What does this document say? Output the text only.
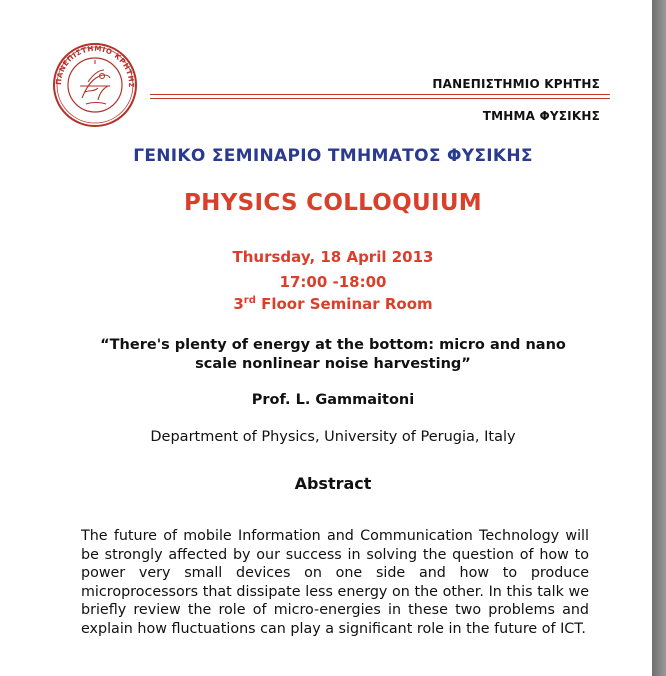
ΠΑΝΕΠΙΣΤΗΜΙΟ ΚΡΗΤΗΣ	ΠΑΝΕΠΙΣΤΗΜΙΟ ΚΡΗΤΗΣ
ΤΜΗΜΑ ΦΥΣΙΚΗΣ
ΓΕΝΙΚΟ ΣΕΜΙΝΑΡΙΟ ΤΜΗΜΑΤΟΣ ΦΥΣΙΚΗΣ
PHYSICS COLLOQUIUM
Thursday, 18 April 2013
17:00 -18:00
3rd Floor Seminar Room
“There's plenty of energy at the bottom: micro and nano
scale nonlinear noise harvesting”
Prof. L. Gammaitoni
Department of Physics, University of Perugia, Italy
Abstract
The future of mobile Information and Communication Technology will be strongly affected by our success in solving the question of how to power very small devices on one side and how to produce microprocessors that dissipate less energy on the other. In this talk we briefly review the role of micro-energies in these two problems and explain how fluctuations can play a significant role in the future of ICT.
